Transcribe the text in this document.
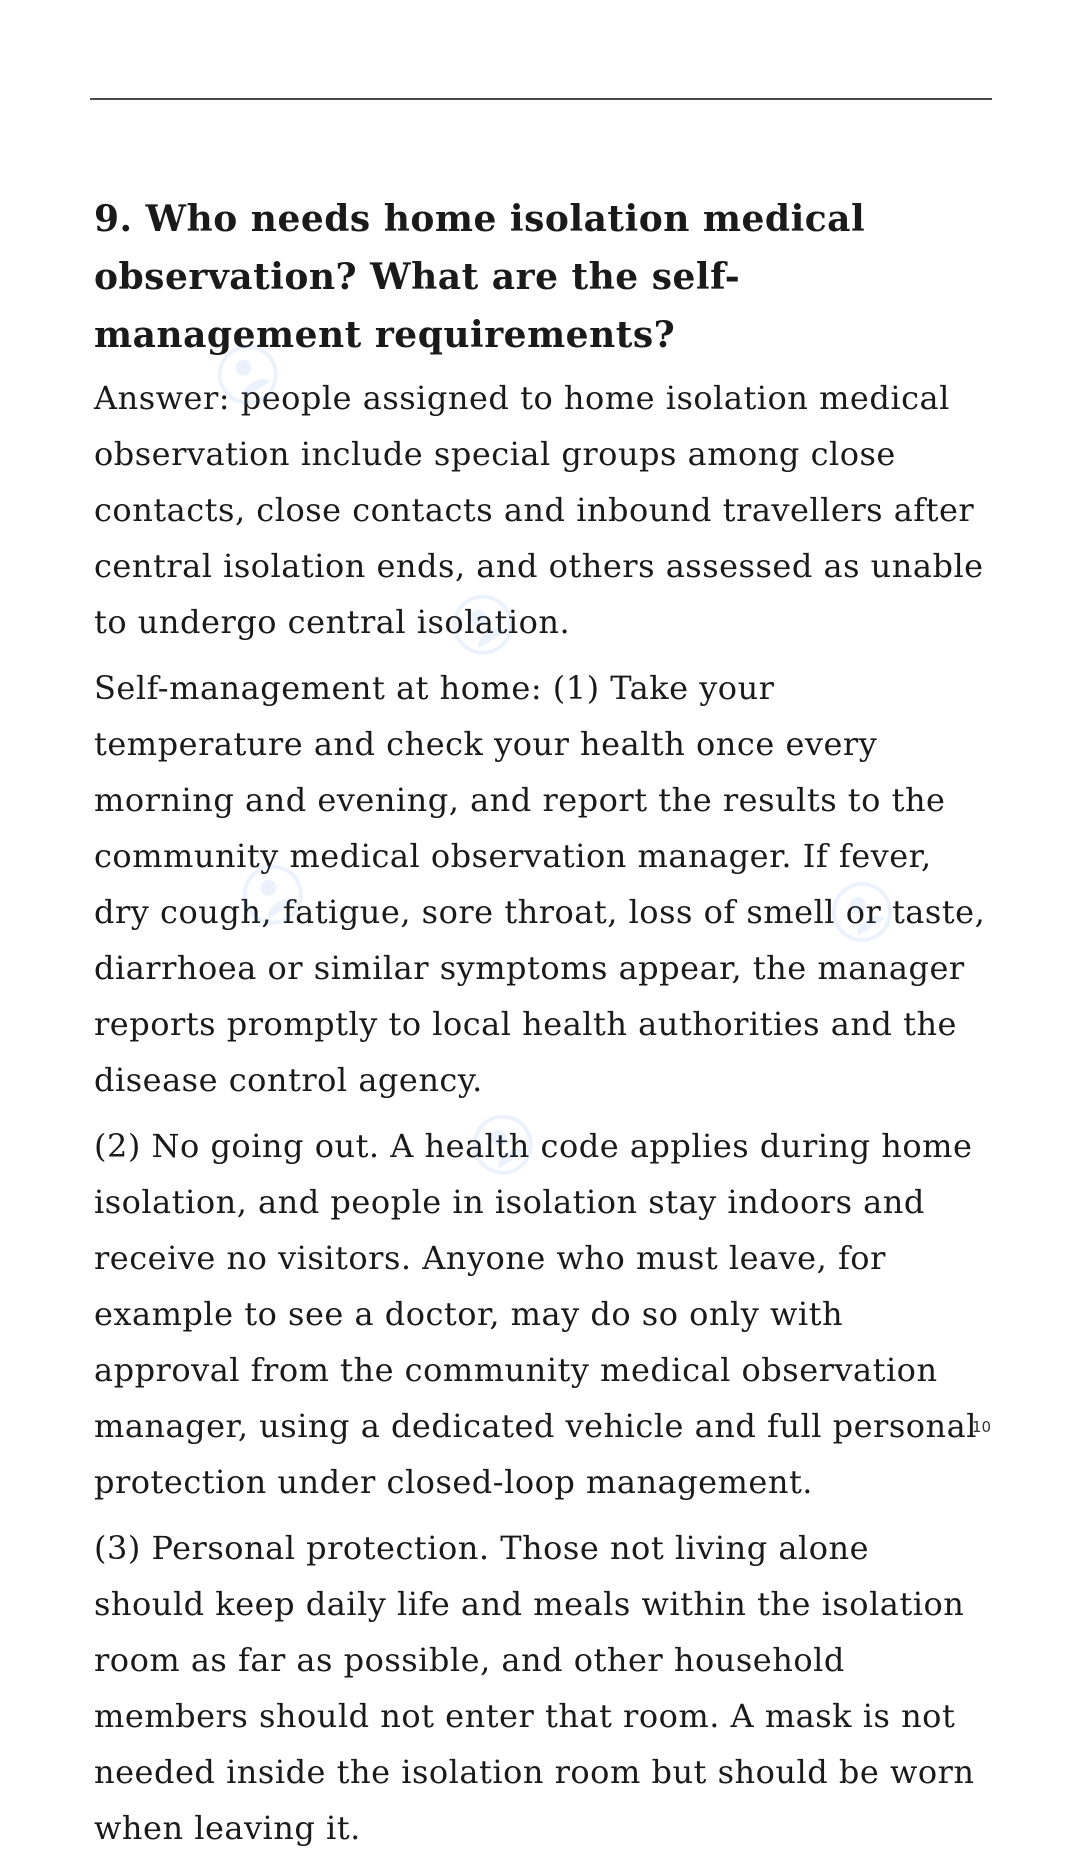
9. Who needs home isolation medical observation? What are the self-management requirements?

Answer: people assigned to home isolation medical observation include special groups among close contacts, close contacts and inbound travellers after central isolation ends, and others assessed as unable to undergo central isolation.

Self-management at home: (1) Take your temperature and check your health once every morning and evening, and report the results to the community medical observation manager. If fever, dry cough, fatigue, sore throat, loss of smell or taste, diarrhoea or similar symptoms appear, the manager reports promptly to local health authorities and the disease control agency.

(2) No going out. A health code applies during home isolation, and people in isolation stay indoors and receive no visitors. Anyone who must leave, for example to see a doctor, may do so only with approval from the community medical observation manager, using a dedicated vehicle and full personal protection under closed-loop management.

(3) Personal protection. Those not living alone should keep daily life and meals within the isolation room as far as possible, and other household members should not enter that room. A mask is not needed inside the isolation room but should be worn when leaving it.

10
